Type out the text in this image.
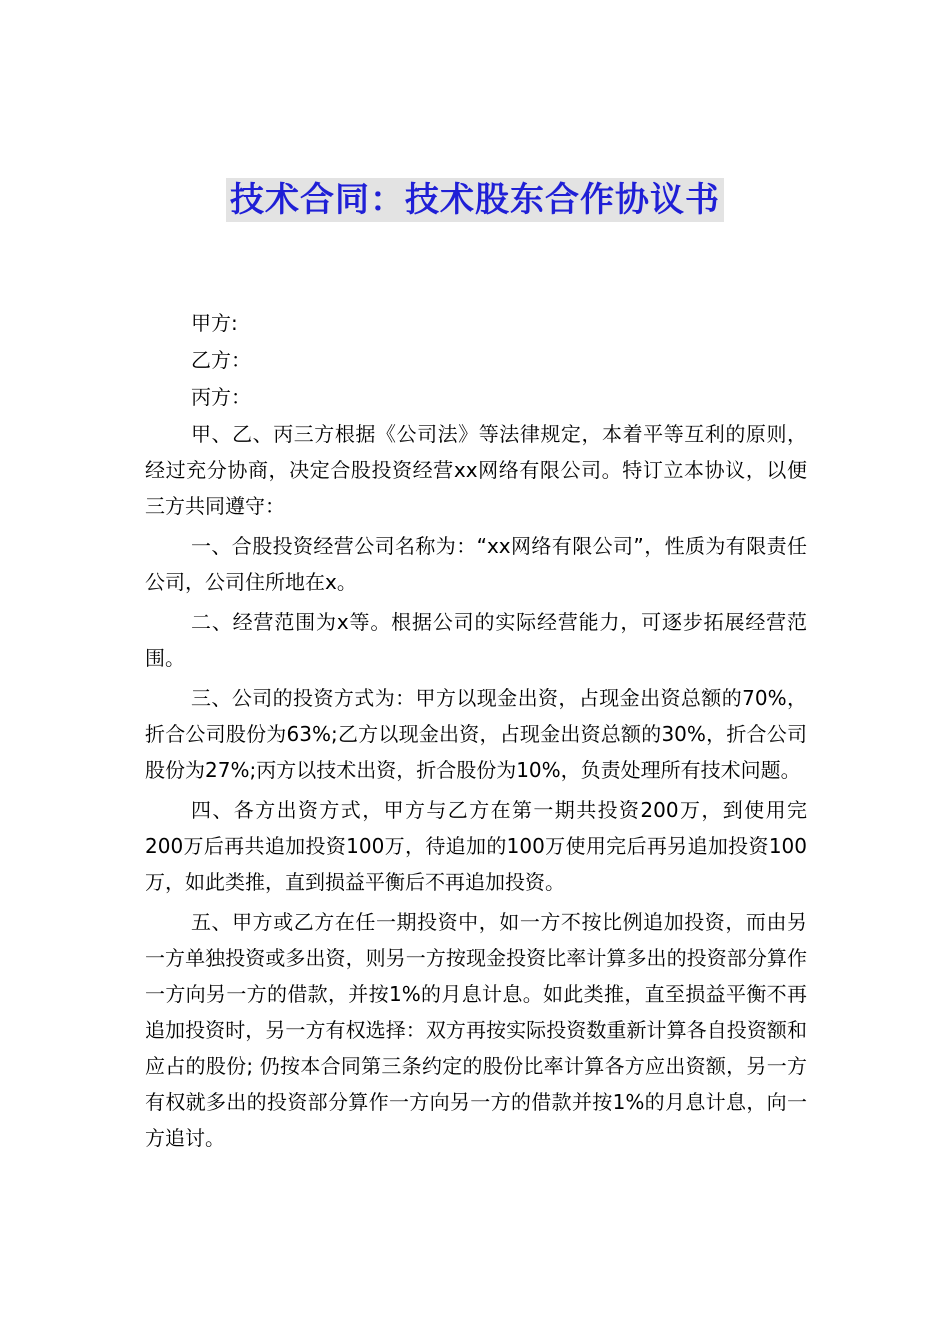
技术合同：技术股东合作协议书

甲方:

乙方：

丙方：

甲、乙、丙三方根据《公司法》等法律规定，本着平等互利的原则，经过充分协商，决定合股投资经营xx网络有限公司。特订立本协议，以便三方共同遵守：

一、合股投资经营公司名称为：“xx网络有限公司”，性质为有限责任公司，公司住所地在x。

二、经营范围为x等。根据公司的实际经营能力，可逐步拓展经营范围。

三、公司的投资方式为：甲方以现金出资，占现金出资总额的70%，折合公司股份为63%;乙方以现金出资，占现金出资总额的30%，折合公司股份为27%;丙方以技术出资，折合股份为10%，负责处理所有技术问题。

四、各方出资方式，甲方与乙方在第一期共投资200万，到使用完200万后再共追加投资100万，待追加的100万使用完后再另追加投资100万，如此类推，直到损益平衡后不再追加投资。

五、甲方或乙方在任一期投资中，如一方不按比例追加投资，而由另一方单独投资或多出资，则另一方按现金投资比率计算多出的投资部分算作一方向另一方的借款，并按1%的月息计息。如此类推，直至损益平衡不再追加投资时，另一方有权选择：双方再按实际投资数重新计算各自投资额和应占的股份; 仍按本合同第三条约定的股份比率计算各方应出资额，另一方有权就多出的投资部分算作一方向另一方的借款并按1%的月息计息，向一方追讨。
